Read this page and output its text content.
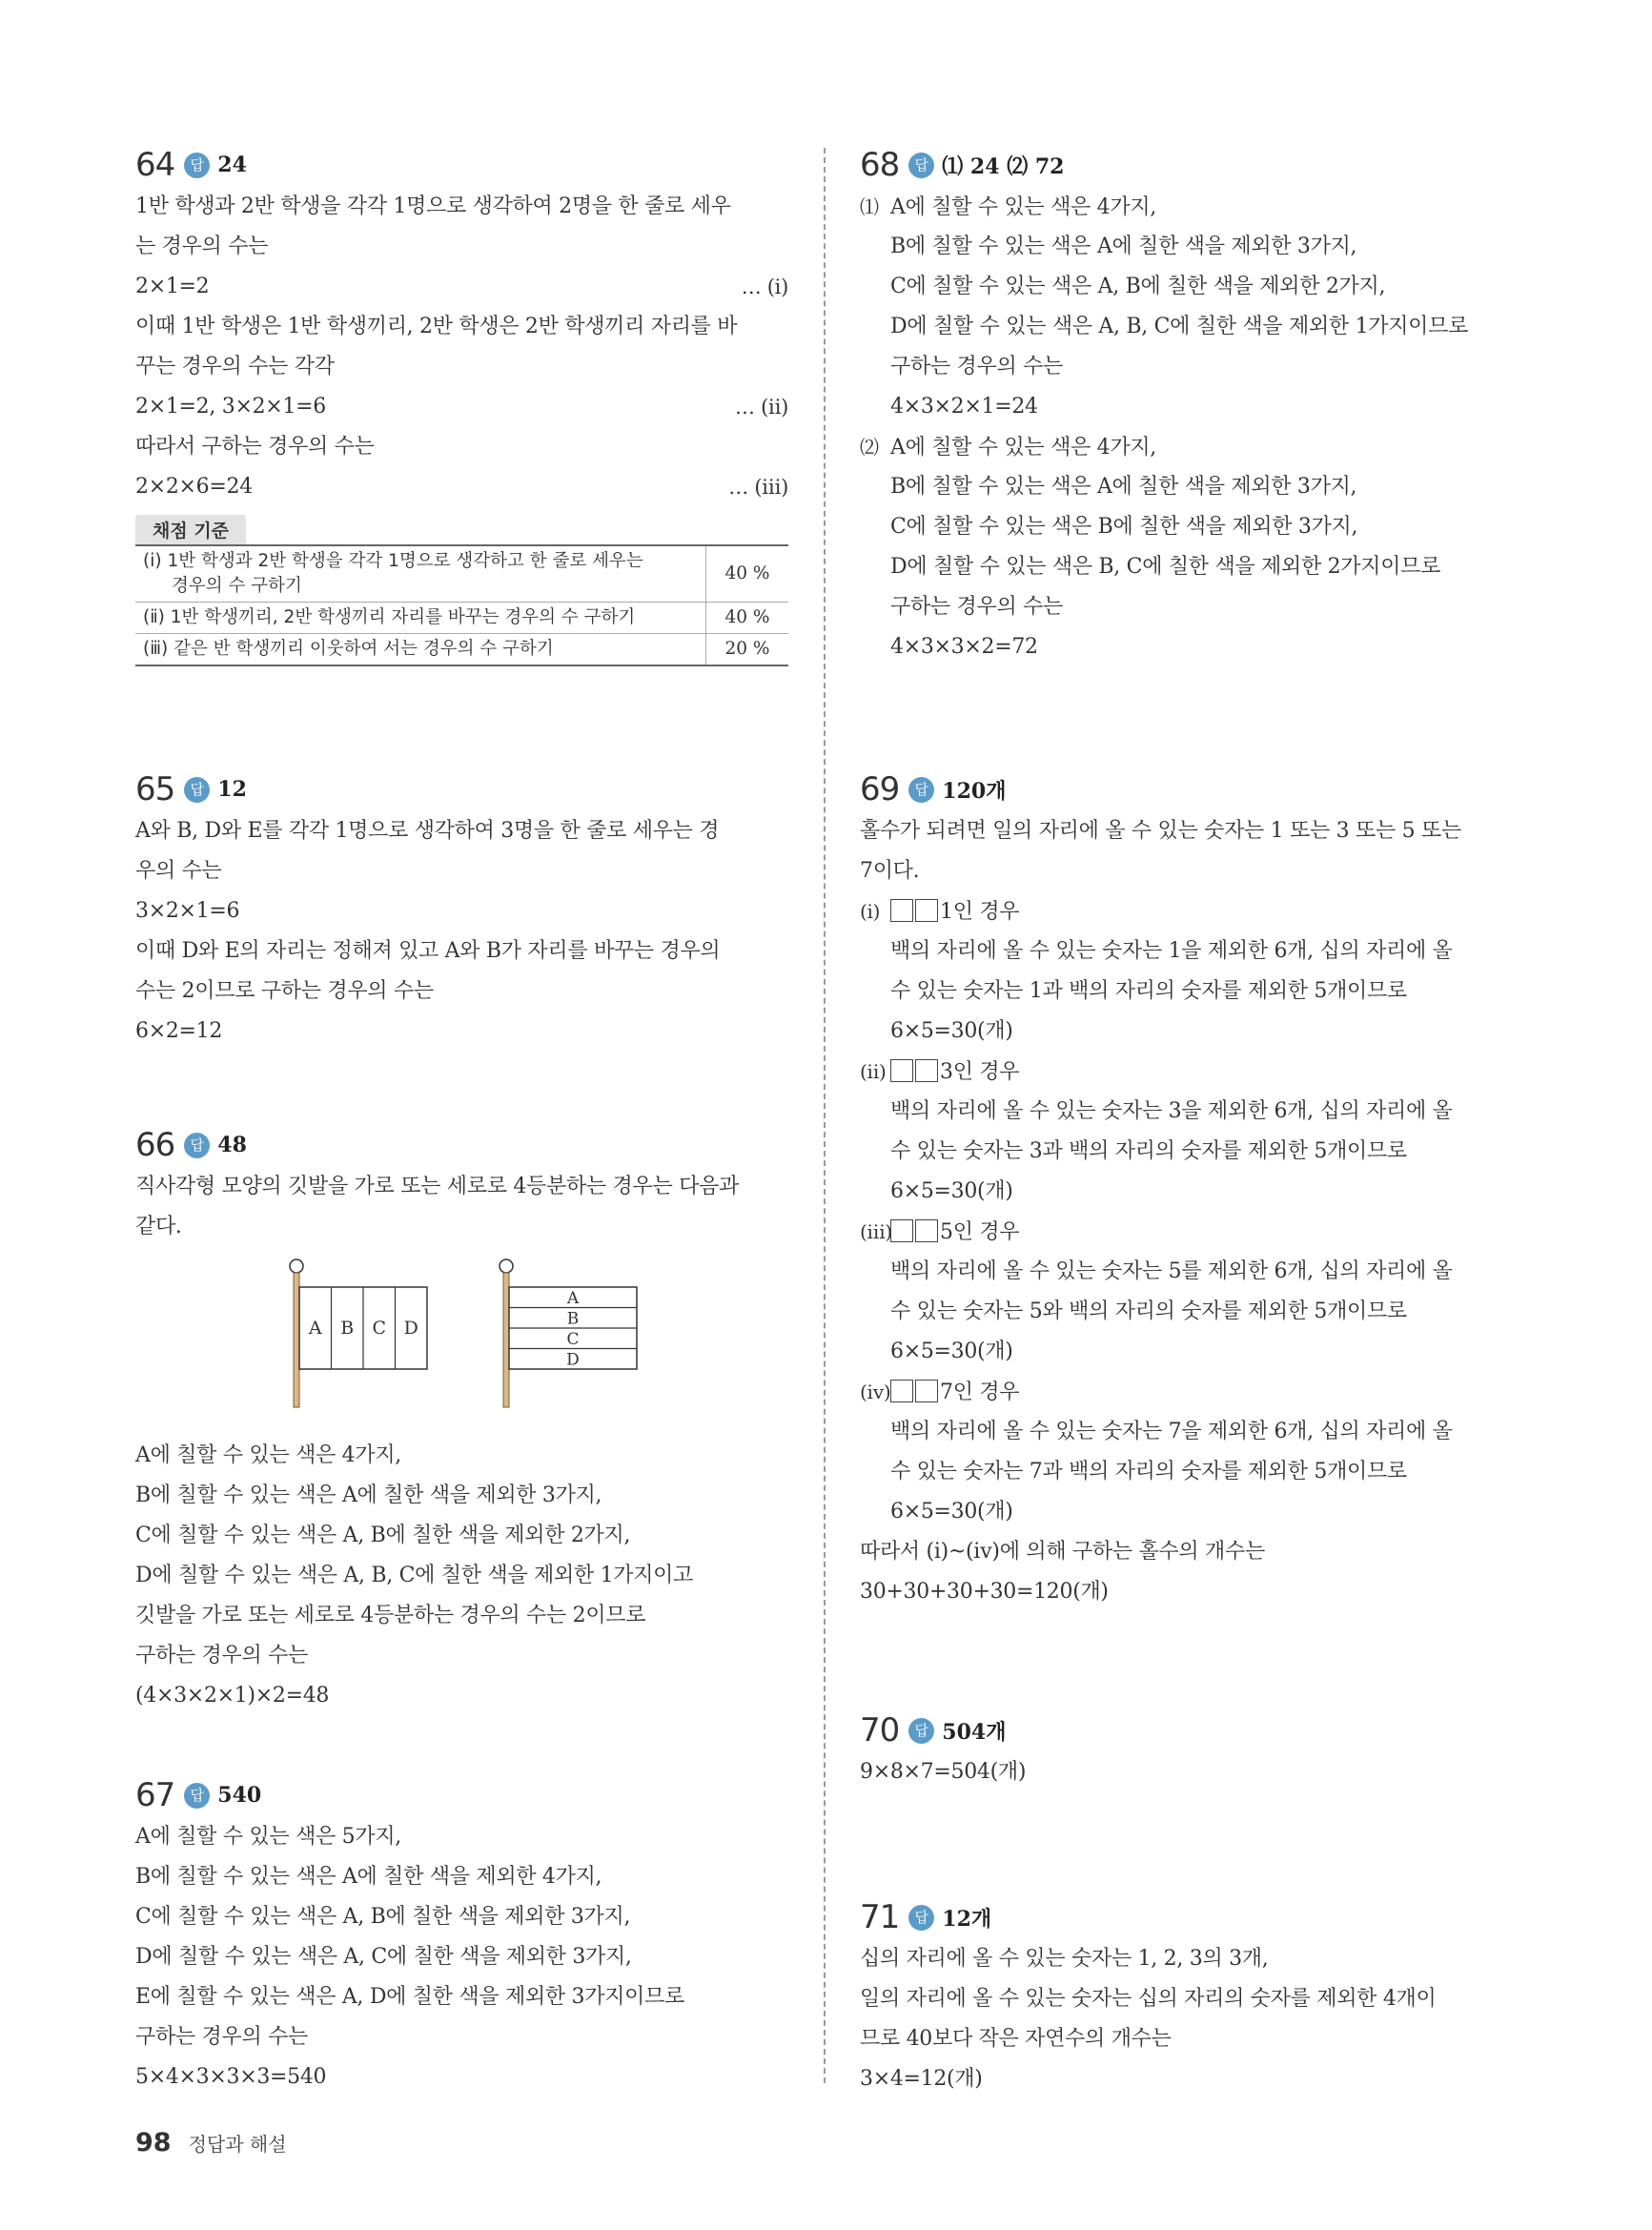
64	답 24
1반 학생과 2반 학생을 각각 1명으로 생각하여 2명을 한 줄로 세우
는 경우의 수는
2×1=2	… (ⅰ)
이때 1반 학생은 1반 학생끼리, 2반 학생은 2반 학생끼리 자리를 바
꾸는 경우의 수는 각각
2×1=2, 3×2×1=6	… (ⅱ)
따라서 구하는 경우의 수는
2×2×6=24	… (ⅲ)
채점 기준
(ⅰ) 1반 학생과 2반 학생을 각각 1명으로 생각하고 한 줄로 세우는
경우의 수 구하기	40 %
(ⅱ) 1반 학생끼리, 2반 학생끼리 자리를 바꾸는 경우의 수 구하기	40 %
(ⅲ) 같은 반 학생끼리 이웃하여 서는 경우의 수 구하기	20 %
65	답 12
A와 B, D와 E를 각각 1명으로 생각하여 3명을 한 줄로 세우는 경
우의 수는
3×2×1=6
이때 D와 E의 자리는 정해져 있고 A와 B가 자리를 바꾸는 경우의
수는 2이므로 구하는 경우의 수는
6×2=12
66	답 48
직사각형 모양의 깃발을 가로 또는 세로로 4등분하는 경우는 다음과
같다.
A에 칠할 수 있는 색은 4가지,
B에 칠할 수 있는 색은 A에 칠한 색을 제외한 3가지,
C에 칠할 수 있는 색은 A, B에 칠한 색을 제외한 2가지,
D에 칠할 수 있는 색은 A, B, C에 칠한 색을 제외한 1가지이고
깃발을 가로 또는 세로로 4등분하는 경우의 수는 2이므로
구하는 경우의 수는
(4×3×2×1)×2=48
67	답 540
A에 칠할 수 있는 색은 5가지,
B에 칠할 수 있는 색은 A에 칠한 색을 제외한 4가지,
C에 칠할 수 있는 색은 A, B에 칠한 색을 제외한 3가지,
D에 칠할 수 있는 색은 A, C에 칠한 색을 제외한 3가지,
E에 칠할 수 있는 색은 A, D에 칠한 색을 제외한 3가지이므로
구하는 경우의 수는
5×4×3×3×3=540
A B C D
A
B
C
D
68	답 ⑴ 24 ⑵ 72
⑴ A에 칠할 수 있는 색은 4가지,
B에 칠할 수 있는 색은 A에 칠한 색을 제외한 3가지,
C에 칠할 수 있는 색은 A, B에 칠한 색을 제외한 2가지,
D에 칠할 수 있는 색은 A, B, C에 칠한 색을 제외한 1가지이므로
구하는 경우의 수는
4×3×2×1=24
⑵ A에 칠할 수 있는 색은 4가지,
B에 칠할 수 있는 색은 A에 칠한 색을 제외한 3가지,
C에 칠할 수 있는 색은 B에 칠한 색을 제외한 3가지,
D에 칠할 수 있는 색은 B, C에 칠한 색을 제외한 2가지이므로
구하는 경우의 수는
4×3×3×2=72
69	답 120개
홀수가 되려면 일의 자리에 올 수 있는 숫자는 1 또는 3 또는 5 또는
7이다.
(ⅰ)	1인 경우
백의 자리에 올 수 있는 숫자는 1을 제외한 6개, 십의 자리에 올
수 있는 숫자는 1과 백의 자리의 숫자를 제외한 5개이므로
6×5=30(개)
(ⅱ)	3인 경우
백의 자리에 올 수 있는 숫자는 3을 제외한 6개, 십의 자리에 올
수 있는 숫자는 3과 백의 자리의 숫자를 제외한 5개이므로
6×5=30(개)
(ⅲ) 5인 경우
백의 자리에 올 수 있는 숫자는 5를 제외한 6개, 십의 자리에 올
수 있는 숫자는 5와 백의 자리의 숫자를 제외한 5개이므로
6×5=30(개)
(ⅳ) 7인 경우
백의 자리에 올 수 있는 숫자는 7을 제외한 6개, 십의 자리에 올
수 있는 숫자는 7과 백의 자리의 숫자를 제외한 5개이므로
6×5=30(개)
따라서 (ⅰ)~(ⅳ)에 의해 구하는 홀수의 개수는
30+30+30+30=120(개)
70	답 504개
9×8×7=504(개)
71	답 12개
십의 자리에 올 수 있는 숫자는 1, 2, 3의 3개,
일의 자리에 올 수 있는 숫자는 십의 자리의 숫자를 제외한 4개이
므로 40보다 작은 자연수의 개수는
3×4=12(개)
98 정답과 해설
